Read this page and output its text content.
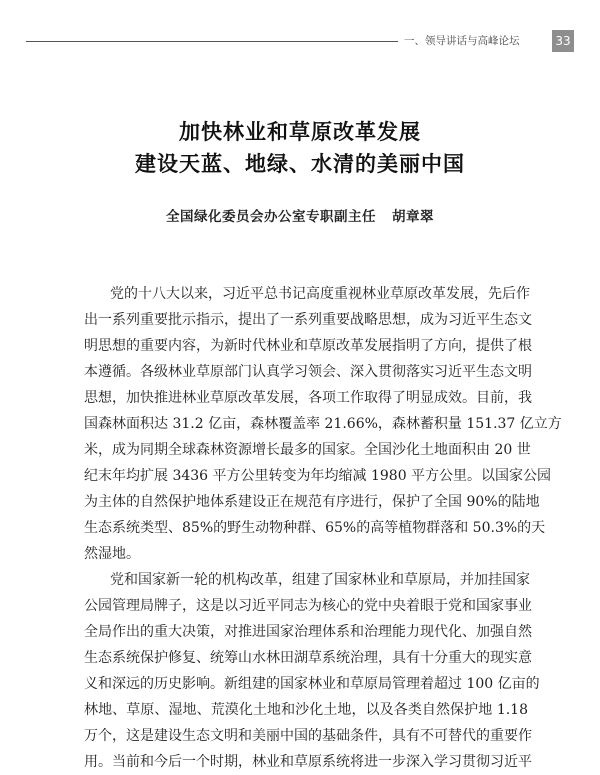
一、领导讲话与高峰论坛	33
加快林业和草原改革发展
建设天蓝、地绿、水清的美丽中国
全国绿化委员会办公室专职副主任 胡章翠
党的十八大以来，习近平总书记高度重视林业草原改革发展，先后作
出一系列重要批示指示，提出了一系列重要战略思想，成为习近平生态文
明思想的重要内容，为新时代林业和草原改革发展指明了方向，提供了根
本遵循。各级林业草原部门认真学习领会、深入贯彻落实习近平生态文明
思想，加快推进林业草原改革发展，各项工作取得了明显成效。目前，我
国森林面积达 31.2 亿亩，森林覆盖率 21.66%，森林蓄积量 151.37 亿立方
米，成为同期全球森林资源增长最多的国家。全国沙化土地面积由 20 世
纪末年均扩展 3436 平方公里转变为年均缩减 1980 平方公里。以国家公园
为主体的自然保护地体系建设正在规范有序进行，保护了全国 90%的陆地
生态系统类型、85%的野生动物种群、65%的高等植物群落和 50.3%的天
然湿地。
党和国家新一轮的机构改革，组建了国家林业和草原局，并加挂国家
公园管理局牌子，这是以习近平同志为核心的党中央着眼于党和国家事业
全局作出的重大决策，对推进国家治理体系和治理能力现代化、加强自然
生态系统保护修复、统筹山水林田湖草系统治理，具有十分重大的现实意
义和深远的历史影响。新组建的国家林业和草原局管理着超过 100 亿亩的
林地、草原、湿地、荒漠化土地和沙化土地，以及各类自然保护地 1.18
万个，这是建设生态文明和美丽中国的基础条件，具有不可替代的重要作
用。当前和今后一个时期，林业和草原系统将进一步深入学习贯彻习近平
